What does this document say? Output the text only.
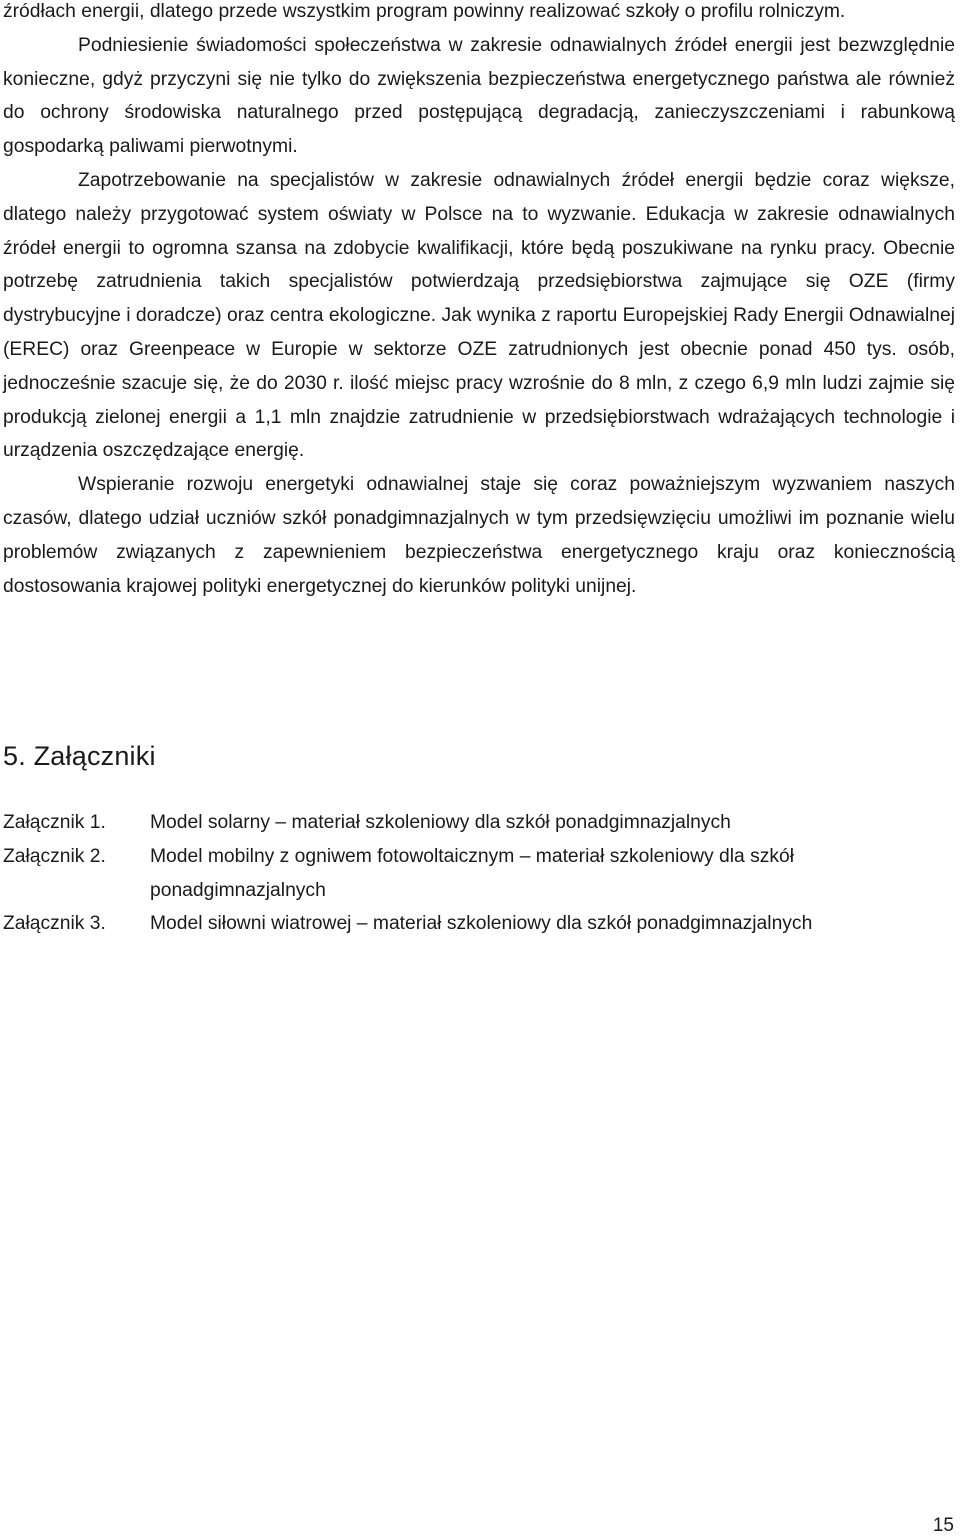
źródłach energii, dlatego przede wszystkim program powinny realizować szkoły o profilu rolniczym.

Podniesienie świadomości społeczeństwa w zakresie odnawialnych źródeł energii jest bezwzględnie konieczne, gdyż przyczyni się nie tylko do zwiększenia bezpieczeństwa energetycznego państwa ale również do ochrony środowiska naturalnego przed postępującą degradacją, zanieczyszczeniami i rabunkową gospodarką paliwami pierwotnymi.

Zapotrzebowanie na specjalistów w zakresie odnawialnych źródeł energii będzie coraz większe, dlatego należy przygotować system oświaty w Polsce na to wyzwanie. Edukacja w zakresie odnawialnych źródeł energii to ogromna szansa na zdobycie kwalifikacji, które będą poszukiwane na rynku pracy. Obecnie potrzebę zatrudnienia takich specjalistów potwierdzają przedsiębiorstwa zajmujące się OZE (firmy dystrybucyjne i doradcze) oraz centra ekologiczne. Jak wynika z raportu Europejskiej Rady Energii Odnawialnej (EREC) oraz Greenpeace w Europie w sektorze OZE zatrudnionych jest obecnie ponad 450 tys. osób, jednocześnie szacuje się, że do 2030 r. ilość miejsc pracy wzrośnie do 8 mln, z czego 6,9 mln ludzi zajmie się produkcją zielonej energii a 1,1 mln znajdzie zatrudnienie w przedsiębiorstwach wdrażających technologie i urządzenia oszczędzające energię.

Wspieranie rozwoju energetyki odnawialnej staje się coraz poważniejszym wyzwaniem naszych czasów, dlatego udział uczniów szkół ponadgimnazjalnych w tym przedsięwzięciu umożliwi im poznanie wielu problemów związanych z zapewnieniem bezpieczeństwa energetycznego kraju oraz koniecznością dostosowania krajowej polityki energetycznej do kierunków polityki unijnej.

5. Załączniki
Załącznik 1.	Model solarny – materiał szkoleniowy dla szkół ponadgimnazjalnych
Załącznik 2.	Model mobilny z ogniwem fotowoltaicznym – materiał szkoleniowy dla szkół ponadgimnazjalnych
Załącznik 3.	Model siłowni wiatrowej – materiał szkoleniowy dla szkół ponadgimnazjalnych
15
